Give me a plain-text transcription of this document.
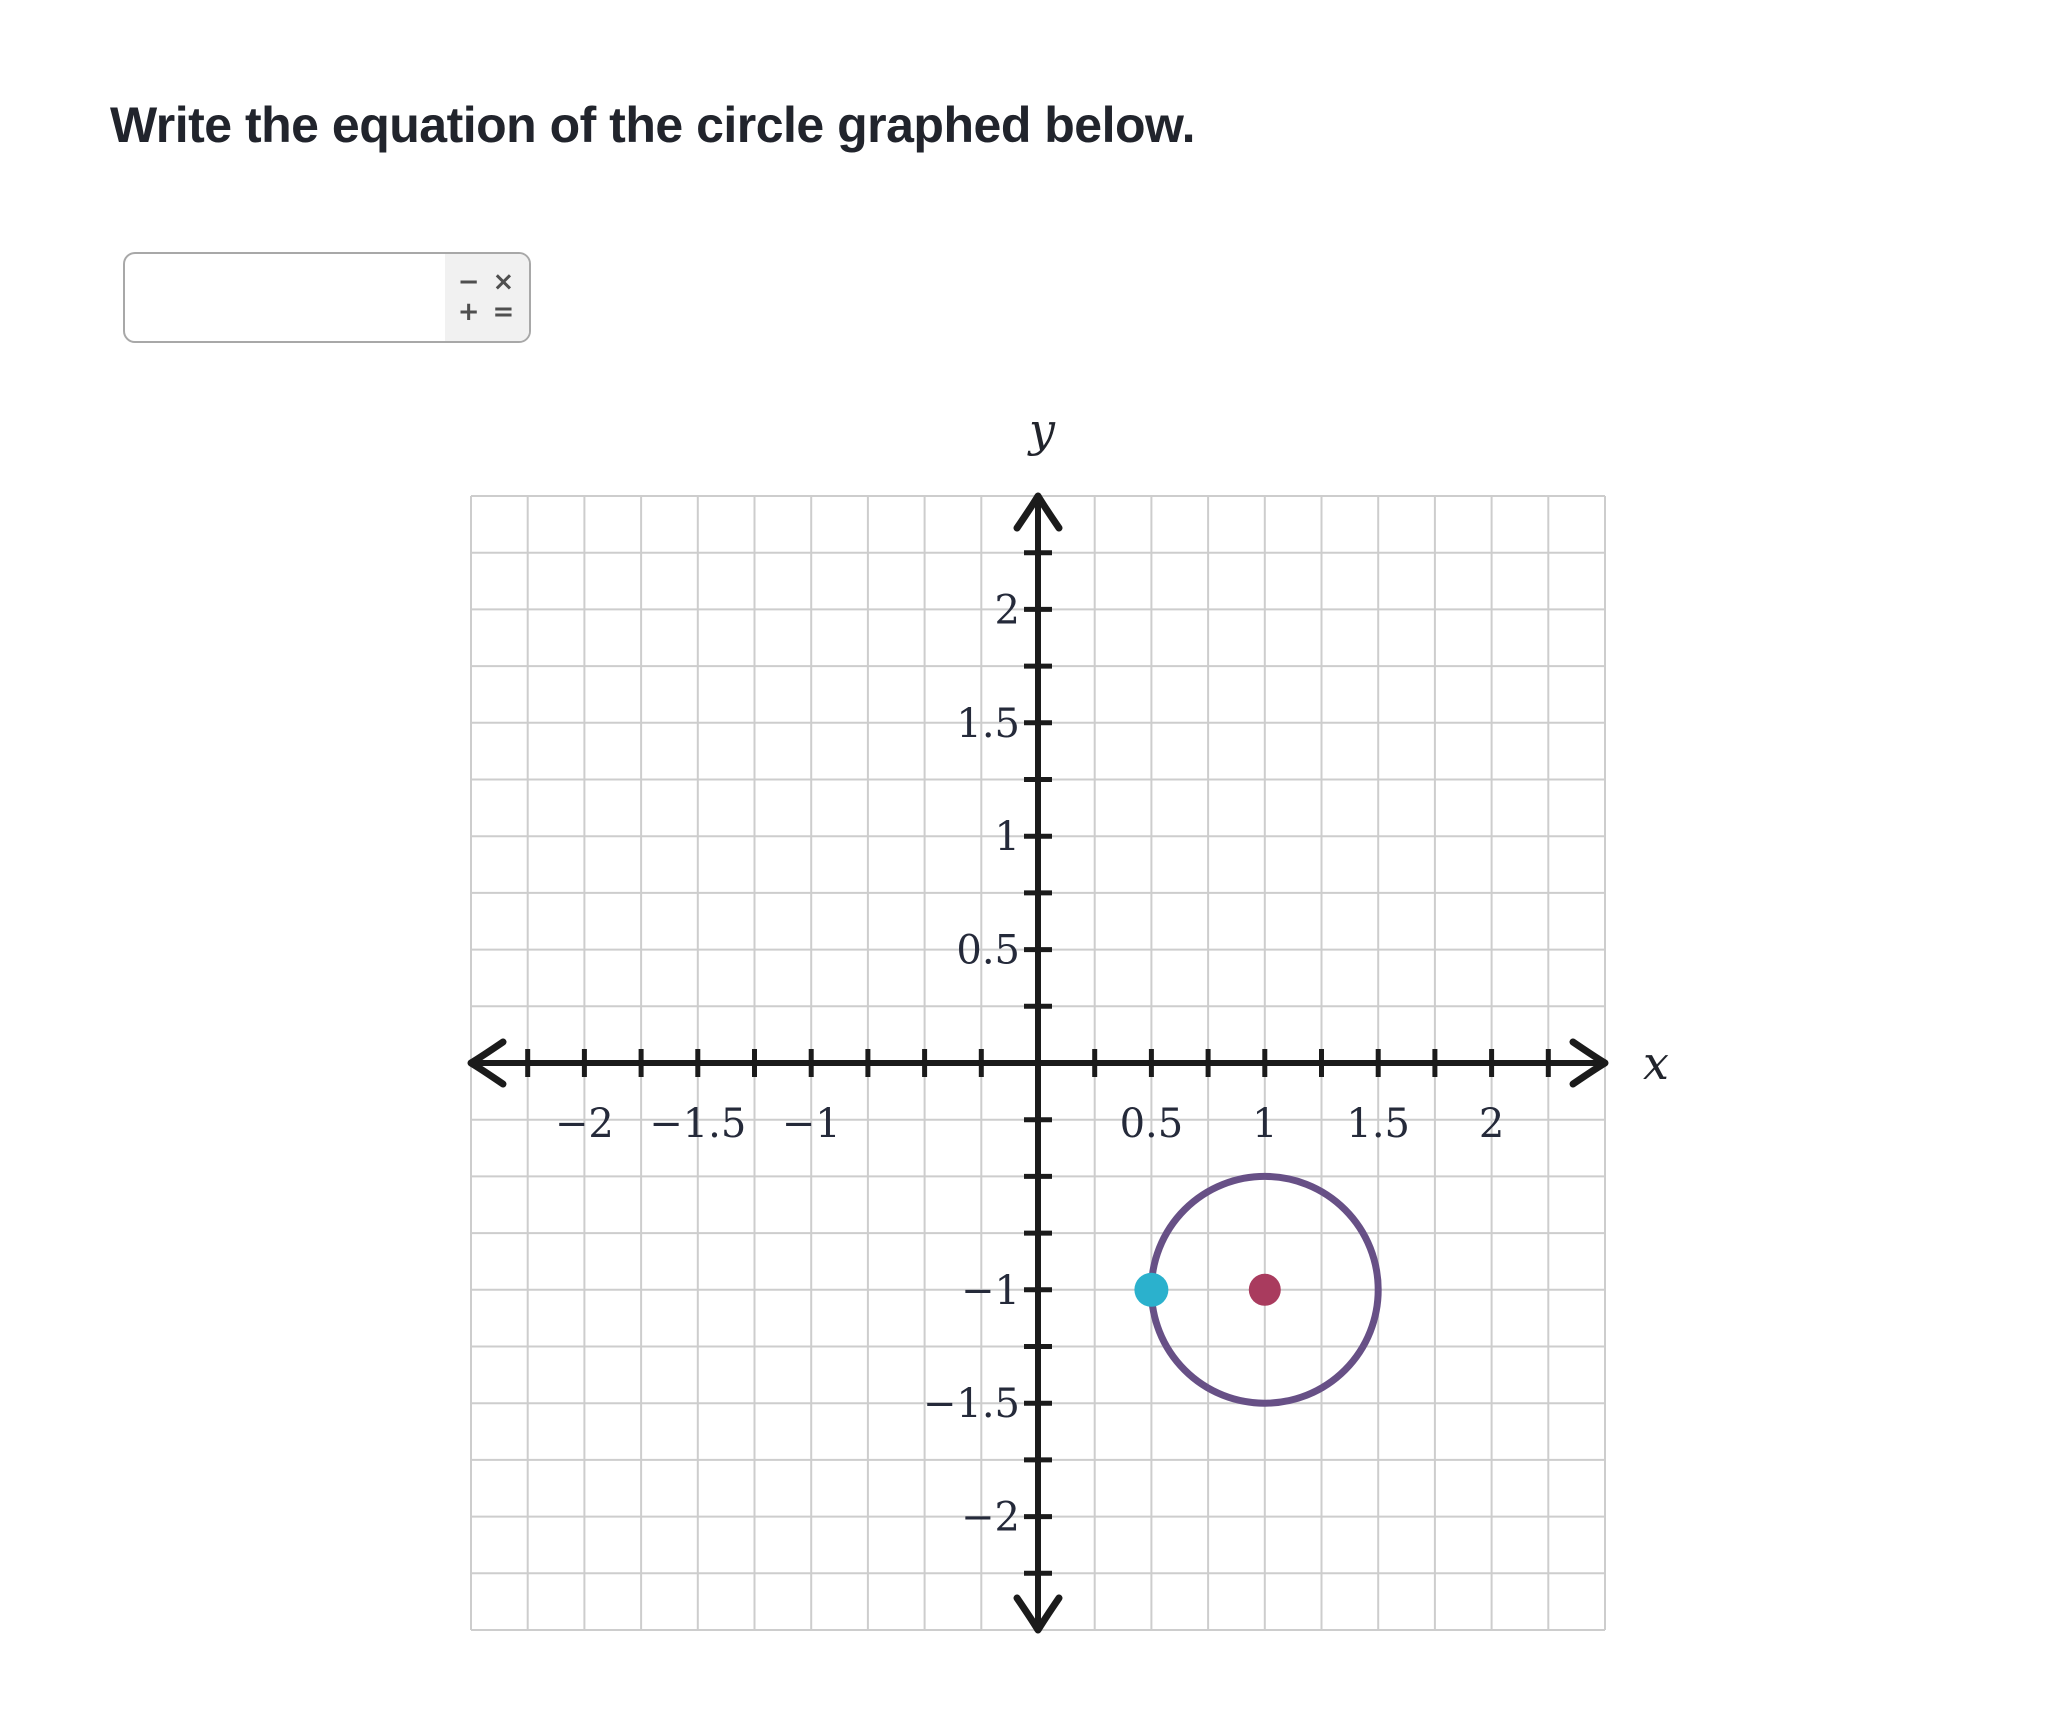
Write the equation of the circle graphed below.
− ×
+ =
−2
−2
−1.5
−1.5
−1
−1
0.5
0.5
1
1
1.5
1.5
2
2
y
x
